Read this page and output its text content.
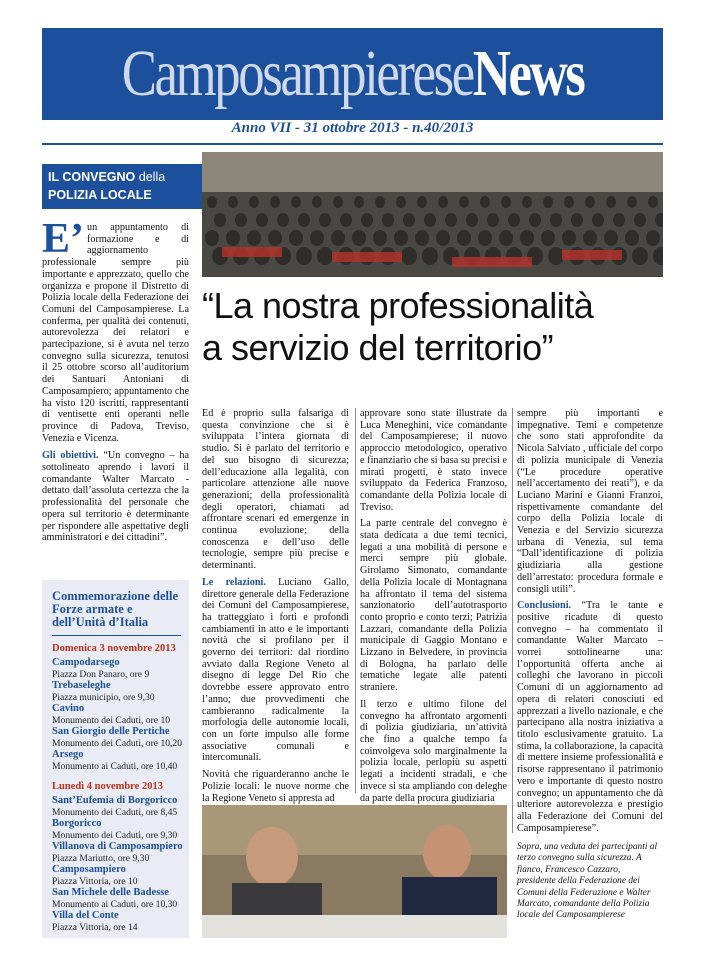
CamposampiereseNews
Anno VII - 31 ottobre 2013 - n.40/2013
IL CONVEGNO della
POLIZIA LOCALE

E’ un appuntamento di formazione e di aggiornamento professionale sempre più importante e apprezzato, quello che organizza e propone il Distretto di Polizia locale della Federazione dei Comuni del Camposampierese. La conferma, per qualità dei contenuti, autorevolezza dei relatori e partecipazione, si è avuta nel terzo convegno sulla sicurezza, tenutosi il 25 ottobre scorso all’auditorium dei Santuari Antoniani di Camposampiero; appuntamento che ha visto 120 iscritti, rappresentanti di ventisette enti operanti nelle province di Padova, Treviso, Venezia e Vicenza.

Gli obiettivi. “Un convegno – ha sottolineato aprendo i lavori il comandante Walter Marcato - dettato dall’assoluta certezza che la professionalità del personale che opera sul territorio è determinante per rispondere alle aspettative degli amministratori e dei cittadini”.

Commemorazione delle Forze armate e dell’Unità d’Italia
Domenica 3 novembre 2013
Campodarsego
Piazza Don Panaro, ore 9
Trebaseleghe
Piazza municipio, ore 9,30
Cavino
Monumento dei Caduti, ore 10
San Giorgio delle Pertiche
Monumento dei Caduti, ore 10,20
Arsego
Monumento ai Caduti, ore 10,40
Lunedì 4 novembre 2013
Sant’Eufemia di Borgoricco
Monumento dei Caduti, ore 8,45
Borgoricco
Monumento dei Caduti, ore 9,30
Villanova di Camposampiero
Piazza Mariutto, ore 9,30
Camposampiero
Piazza Vittoria, ore 10
San Michele delle Badesse
Monumento ai Caduti, ore 10,30
Villa del Conte
Piazza Vittoria, ore 14
“La nostra professionalità
a servizio del territorio”

Ed è proprio sulla falsariga di questa convinzione che si è sviluppata l’intera giornata di studio. Si è parlato del territorio e del suo bisogno di sicurezza; dell’educazione alla legalità, con particolare attenzione alle nuove generazioni; della professionalità degli operatori, chiamati ad affrontare scenari ed emergenze in continua evoluzione; della conoscenza e dell’uso delle tecnologie, sempre più precise e determinanti.

Le relazioni. Luciano Gallo, direttore generale della Federazione dei Comuni del Camposampierese, ha tratteggiato i forti e profondi cambiamenti in atto e le importanti novità che si profilano per il governo dei territori: dal riordino avviato dalla Regione Veneto al disegno di legge Del Rio che dovrebbe essere approvato entro l’anno; due provvedimenti che cambieranno radicalmente la morfologia delle autonomie locali, con un forte impulso alle forme associative comunali e intercomunali.

Novità che riguarderanno anche le Polizie locali: le nuove norme che la Regione Veneto si appresta ad

approvare sono state illustrate da Luca Meneghini, vice comandante del Camposampierese; il nuovo approccio metodologico, operativo e finanziario che si basa su precisi e mirati progetti, è stato invece sviluppato da Federica Franzoso, comandante della Polizia locale di Treviso.

La parte centrale del convegno è stata dedicata a due temi tecnici, legati a una mobilità di persone e merci sempre più globale. Girolamo Simonato, comandante della Polizia locale di Montagnana ha affrontato il tema del sistema sanzionatorio dell’autotrasporto conto proprio e conto terzi; Patrizia Lazzari, comandante della Polizia municipale di Gaggio Montano e Lizzano in Belvedere, in provincia di Bologna, ha parlato delle tematiche legate alle patenti straniere.

Il terzo e ultimo filone del convegno ha affrontato argomenti di polizia giudiziaria, un’attività che fino a qualche tempo fa coinvolgeva solo marginalmente la polizia locale, perlopiù su aspetti legati a incidenti stradali, e che invece si sta ampliando con deleghe da parte della procura giudiziaria

sempre più importanti e impegnative. Temi e competenze che sono stati approfondite da Nicola Salviato , ufficiale del corpo di polizia municipale di Venezia (“Le procedure operative nell’accertamento dei reati”), e da Luciano Marini e Gianni Franzoi, rispettivamente comandante del corpo della Polizia locale di Venezia e del Servizio sicurezza urbana di Venezia, sul tema “Dall’identificazione di polizia giudiziaria alla gestione dell’arrestato: procedura formale e consigli utili”.

Conclusioni. “Tra le tante e positive ricadute di questo convegno – ha commentato il comandante Walter Marcato – vorrei sottolinearne una: l’opportunità offerta anche ai colleghi che lavorano in piccoli Comuni di un aggiornamento ad opera di relatori conosciuti ed apprezzati a livello nazionale, e che partecipano alla nostra iniziativa a titolo esclusivamente gratuito. La stima, la collaborazione, la capacità di mettere insieme professionalità e risorse rappresentano il patrimonio vero e importante di questo nostro convegno; un appuntamento che dà ulteriore autorevolezza e prestigio alla Federazione dei Comuni del Camposampierese”.

Sopra, una veduta dei partecipanti al terzo convegno sulla sicurezza. A fianco, Francesco Cazzaro, presidente della Federazione dei Comuni della Federazione e Walter Marcato, comandante della Polizia locale del Camposampierese
